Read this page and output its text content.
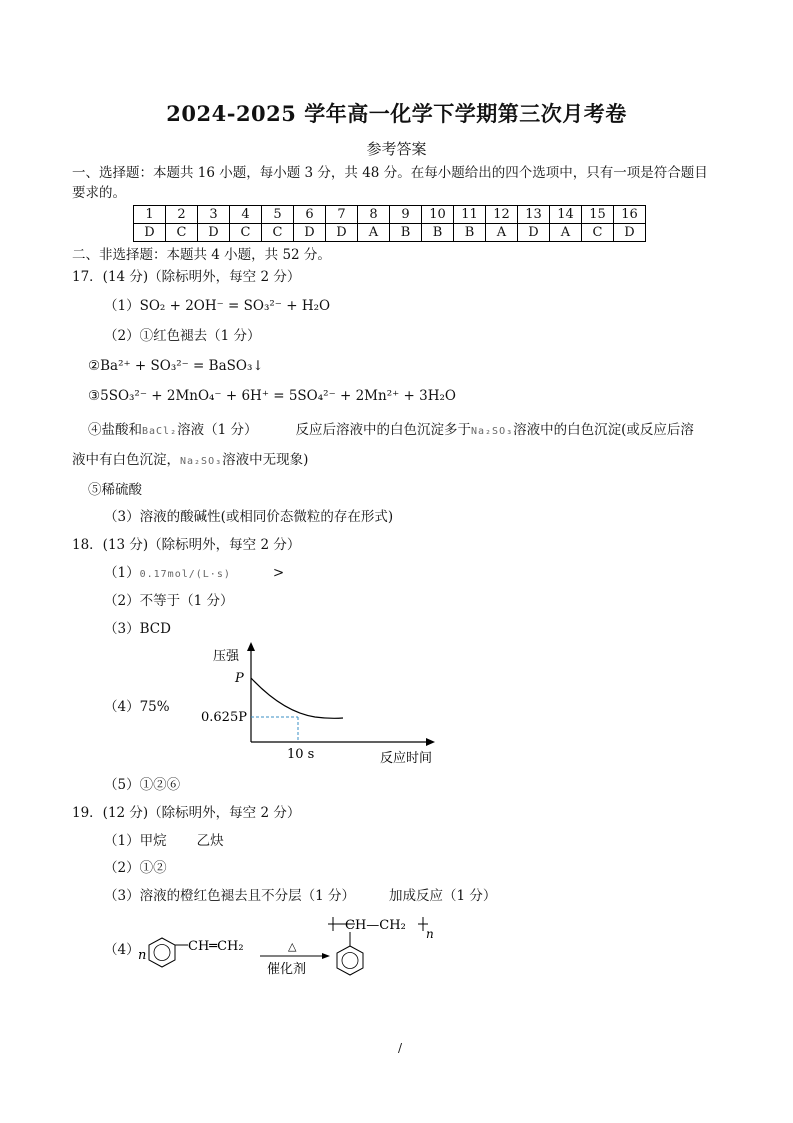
2024-2025 学年高一化学下学期第三次月考卷
参考答案
一、选择题：本题共 16 小题，每小题 3 分，共 48 分。在每小题给出的四个选项中，只有一项是符合题目
要求的。
1	2	3	4	5	6	7	8	9	10	11	12	13	14	15	16
D	C	D	C	C	D	D	A	B	B	B	A	D	A	C	D
二、非选择题：本题共 4 小题，共 52 分。
17．(14 分)（除标明外，每空 2 分）
（1）SO₂ + 2OH⁻ = SO₃²⁻ + H₂O
（2）①红色褪去（1 分）
②Ba²⁺ + SO₃²⁻ = BaSO₃↓
③5SO₃²⁻ + 2MnO₄⁻ + 6H⁺ = 5SO₄²⁻ + 2Mn²⁺ + 3H₂O
④盐酸和BaCl₂溶液（1 分）	反应后溶液中的白色沉淀多于Na₂SO₃溶液中的白色沉淀(或反应后溶
液中有白色沉淀，Na₂SO₃溶液中无现象)
⑤稀硫酸
（3）溶液的酸碱性(或相同价态微粒的存在形式)
18．(13 分)（除标明外，每空 2 分）
（1）0.17mol/(L·s)	>
（2）不等于（1 分）
（3）BCD
（4）75%
压强
P
0.625P
10 s	反应时间
（5）①②⑥
19．(12 分)（除标明外，每空 2 分）
（1）甲烷 乙炔
（2）①②
（3）溶液的橙红色褪去且不分层（1 分）	加成反应（1 分）
（4）
n
CH═CH₂	△
催化剂
CH—CH₂
n
/
